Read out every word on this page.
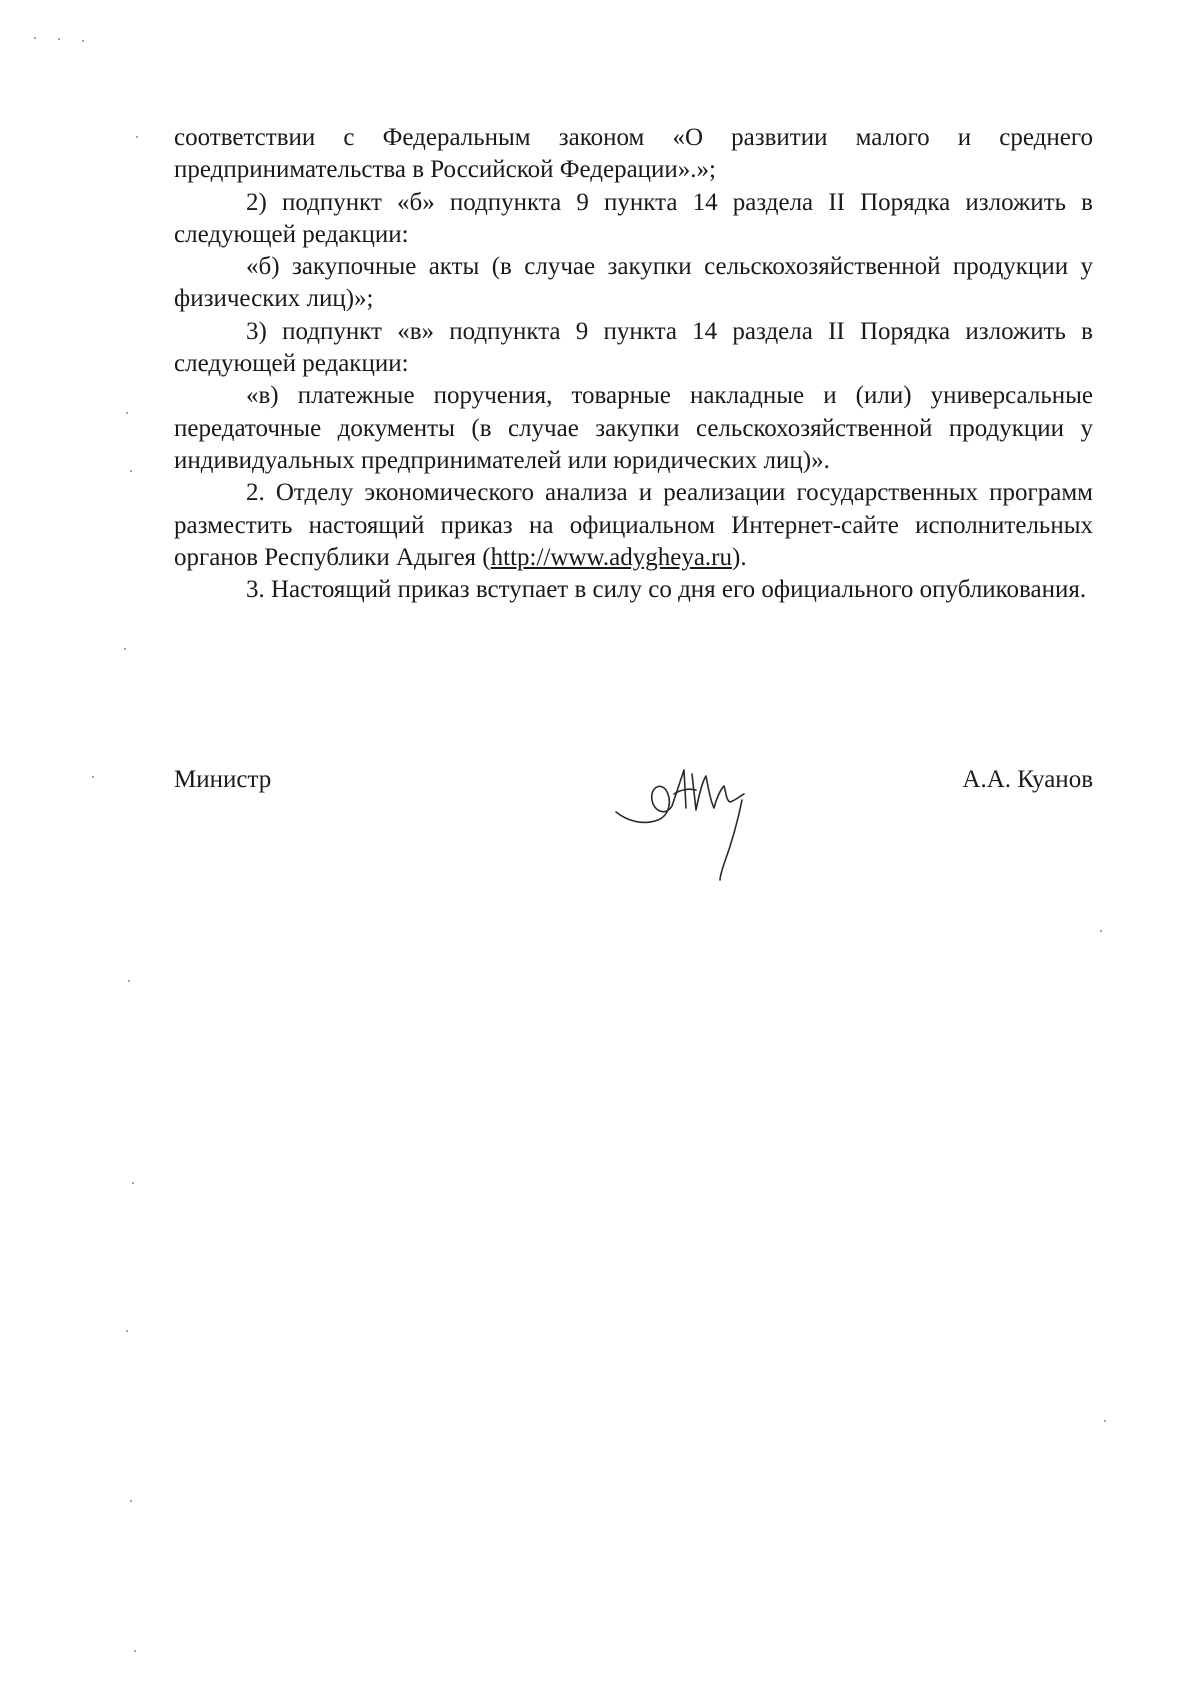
соответствии с Федеральным законом «О развитии малого и среднего предпринимательства в Российской Федерации».»;

2) подпункт «б» подпункта 9 пункта 14 раздела II Порядка изложить в следующей редакции:

«б) закупочные акты (в случае закупки сельскохозяйственной продукции у физических лиц)»;

3) подпункт «в» подпункта 9 пункта 14 раздела II Порядка изложить в следующей редакции:

«в) платежные поручения, товарные накладные и (или) универсальные передаточные документы (в случае закупки сельскохозяйственной продукции у индивидуальных предпринимателей или юридических лиц)».

2. Отделу экономического анализа и реализации государственных программ разместить настоящий приказ на официальном Интернет-сайте исполнительных органов Республики Адыгея (http://www.adygheya.ru).

3. Настоящий приказ вступает в силу со дня его официального опубликования.

Министр	А.А. Куанов
